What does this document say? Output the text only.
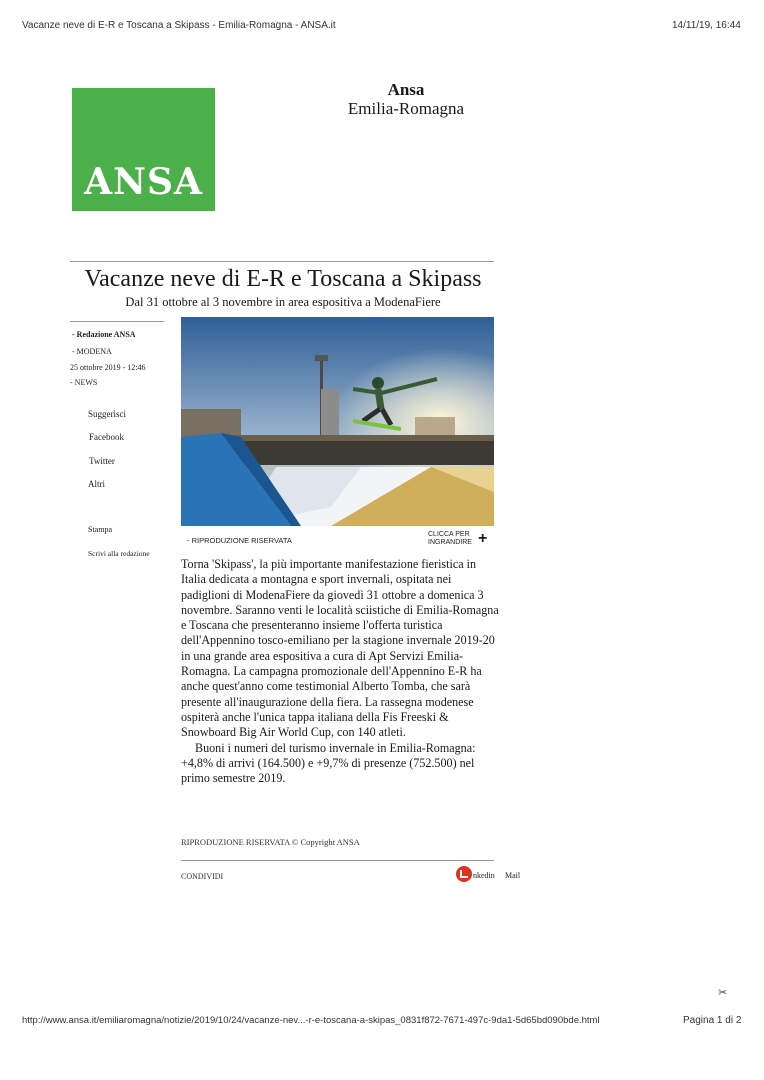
Vacanze neve di E-R e Toscana a Skipass - Emilia-Romagna - ANSA.it	14/11/19, 16:44
ANSA
Ansa
Emilia-Romagna
Vacanze neve di E-R e Toscana a Skipass
Dal 31 ottobre al 3 novembre in area espositiva a ModenaFiere
- Redazione ANSA
- MODENA
25 ottobre 2019 - 12:46
- NEWS
Suggerisci
Facebook
Twitter
Altri
Stampa
Scrivi alla redazione
- RIPRODUZIONE RISERVATA
CLICCA PER
INGRANDIRE +

Torna 'Skipass', la più importante manifestazione fieristica in Italia dedicata a montagna e sport invernali, ospitata nei padiglioni di ModenaFiere da giovedì 31 ottobre a domenica 3 novembre. Saranno venti le località sciistiche di Emilia-Romagna e Toscana che presenteranno insieme l'offerta turistica dell'Appennino tosco-emiliano per la stagione invernale 2019-20 in una grande area espositiva a cura di Apt Servizi Emilia-Romagna. La campagna promozionale dell'Appennino E-R ha anche quest'anno come testimonial Alberto Tomba, che sarà presente all'inaugurazione della fiera. La rassegna modenese ospiterà anche l'unica tappa italiana della Fis Freeski & Snowboard Big Air World Cup, con 140 atleti.

Buoni i numeri del turismo invernale in Emilia-Romagna: +4,8% di arrivi (164.500) e +9,7% di presenze (752.500) nel primo semestre 2019.

RIPRODUZIONE RISERVATA © Copyright ANSA
CONDIVIDI	nkedin Mail
✂
http://www.ansa.it/emiliaromagna/notizie/2019/10/24/vacanze-nev...-r-e-toscana-a-skipas_0831f872-7671-497c-9da1-5d65bd090bde.html	Pagina 1 di 2
